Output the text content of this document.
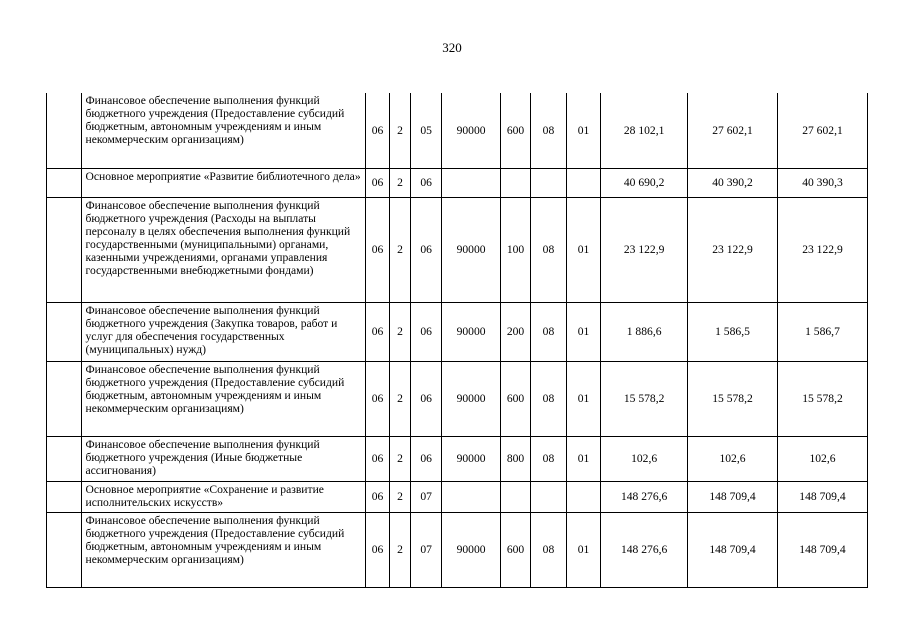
320
	Финансовое обеспечение выполнения функций бюджетного учреждения (Предоставление субсидий бюджетным, автономным учреждениям и иным некоммерческим организациям)	06	2	05	90000	600	08	01	28 102,1	27 602,1	27 602,1
	Основное мероприятие «Развитие библиотечного дела»	06	2	06					40 690,2	40 390,2	40 390,3
	Финансовое обеспечение выполнения функций бюджетного учреждения (Расходы на выплаты персоналу в целях обеспечения выполнения функций государственными (муниципальными) органами, казенными учреждениями, органами управления государственными внебюджетными фондами)	06	2	06	90000	100	08	01	23 122,9	23 122,9	23 122,9
	Финансовое обеспечение выполнения функций бюджетного учреждения (Закупка товаров, работ и услуг для обеспечения государственных (муниципальных) нужд)	06	2	06	90000	200	08	01	1 886,6	1 586,5	1 586,7
	Финансовое обеспечение выполнения функций бюджетного учреждения (Предоставление субсидий бюджетным, автономным учреждениям и иным некоммерческим организациям)	06	2	06	90000	600	08	01	15 578,2	15 578,2	15 578,2
	Финансовое обеспечение выполнения функций бюджетного учреждения (Иные бюджетные ассигнования)	06	2	06	90000	800	08	01	102,6	102,6	102,6
	Основное мероприятие «Сохранение и развитие исполнительских искусств»	06	2	07					148 276,6	148 709,4	148 709,4
	Финансовое обеспечение выполнения функций бюджетного учреждения (Предоставление субсидий бюджетным, автономным учреждениям и иным некоммерческим организациям)	06	2	07	90000	600	08	01	148 276,6	148 709,4	148 709,4
